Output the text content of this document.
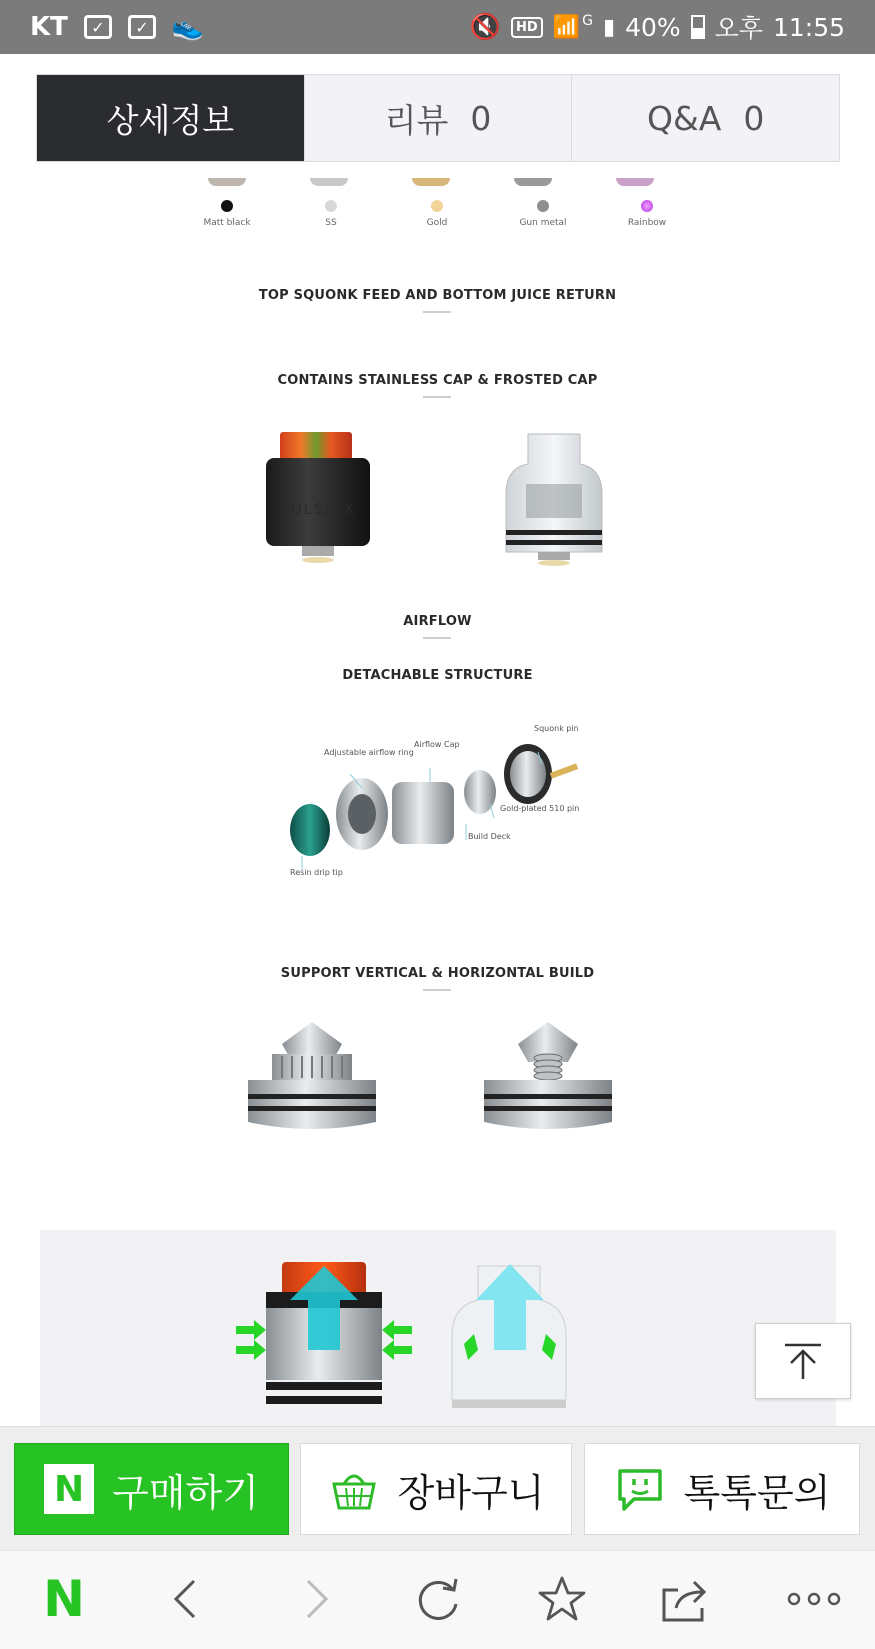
KT	✓	✓ 👟	🔇	HD 📶 G ▮ 40% 오후 11:55
상세정보	리뷰 0	Q&A 0
Matt black	SS	Gold	Gun metal	Rainbow
TOP SQUONK FEED AND BOTTOM JUICE RETURN
CONTAINS STAINLESS CAP & FROSTED CAP
PULSE X
AIRFLOW
DETACHABLE STRUCTURE
Adjustable airflow ring
Airflow Cap
Squonk pin
Gold-plated 510 pin
Build Deck
Resin drip tip
SUPPORT VERTICAL & HORIZONTAL BUILD
N 구매하기	장바구니	톡톡문의
N
